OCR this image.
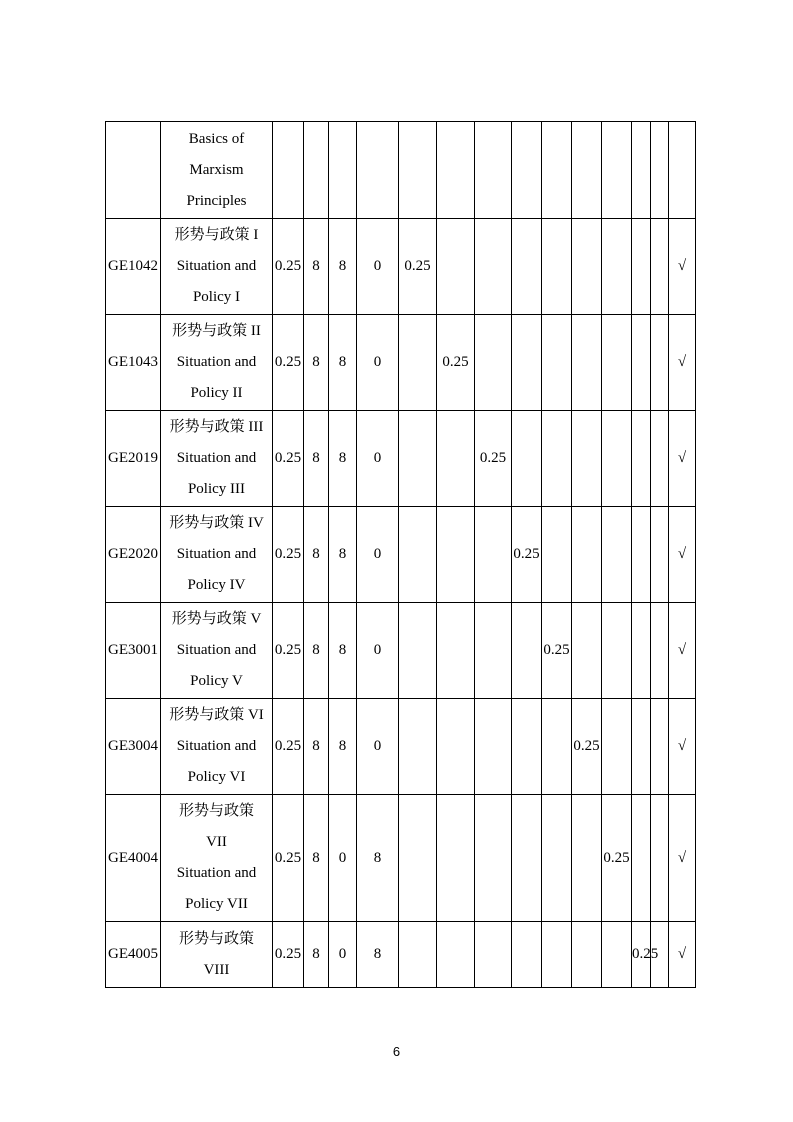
	Basics of
Marxism
Principles														

GE1042	形势与政策 I
Situation and
Policy I	0.25	8	8	0	0.25									√
GE1043	形势与政策 II
Situation and
Policy II	0.25	8	8	0		0.25								√
GE2019	形势与政策 III
Situation and
Policy III	0.25	8	8	0			0.25							√
GE2020	形势与政策 IV
Situation and
Policy IV	0.25	8	8	0				0.25						√
GE3001	形势与政策 V
Situation and
Policy V	0.25	8	8	0					0.25					√
GE3004	形势与政策 VI
Situation and
Policy VI	0.25	8	8	0						0.25				√
GE4004	形势与政策
VII
Situation and
Policy VII	0.25	8	0	8							0.25			√
GE4005	形势与政策
VIII	0.25	8	0	8								0.25		√
6
